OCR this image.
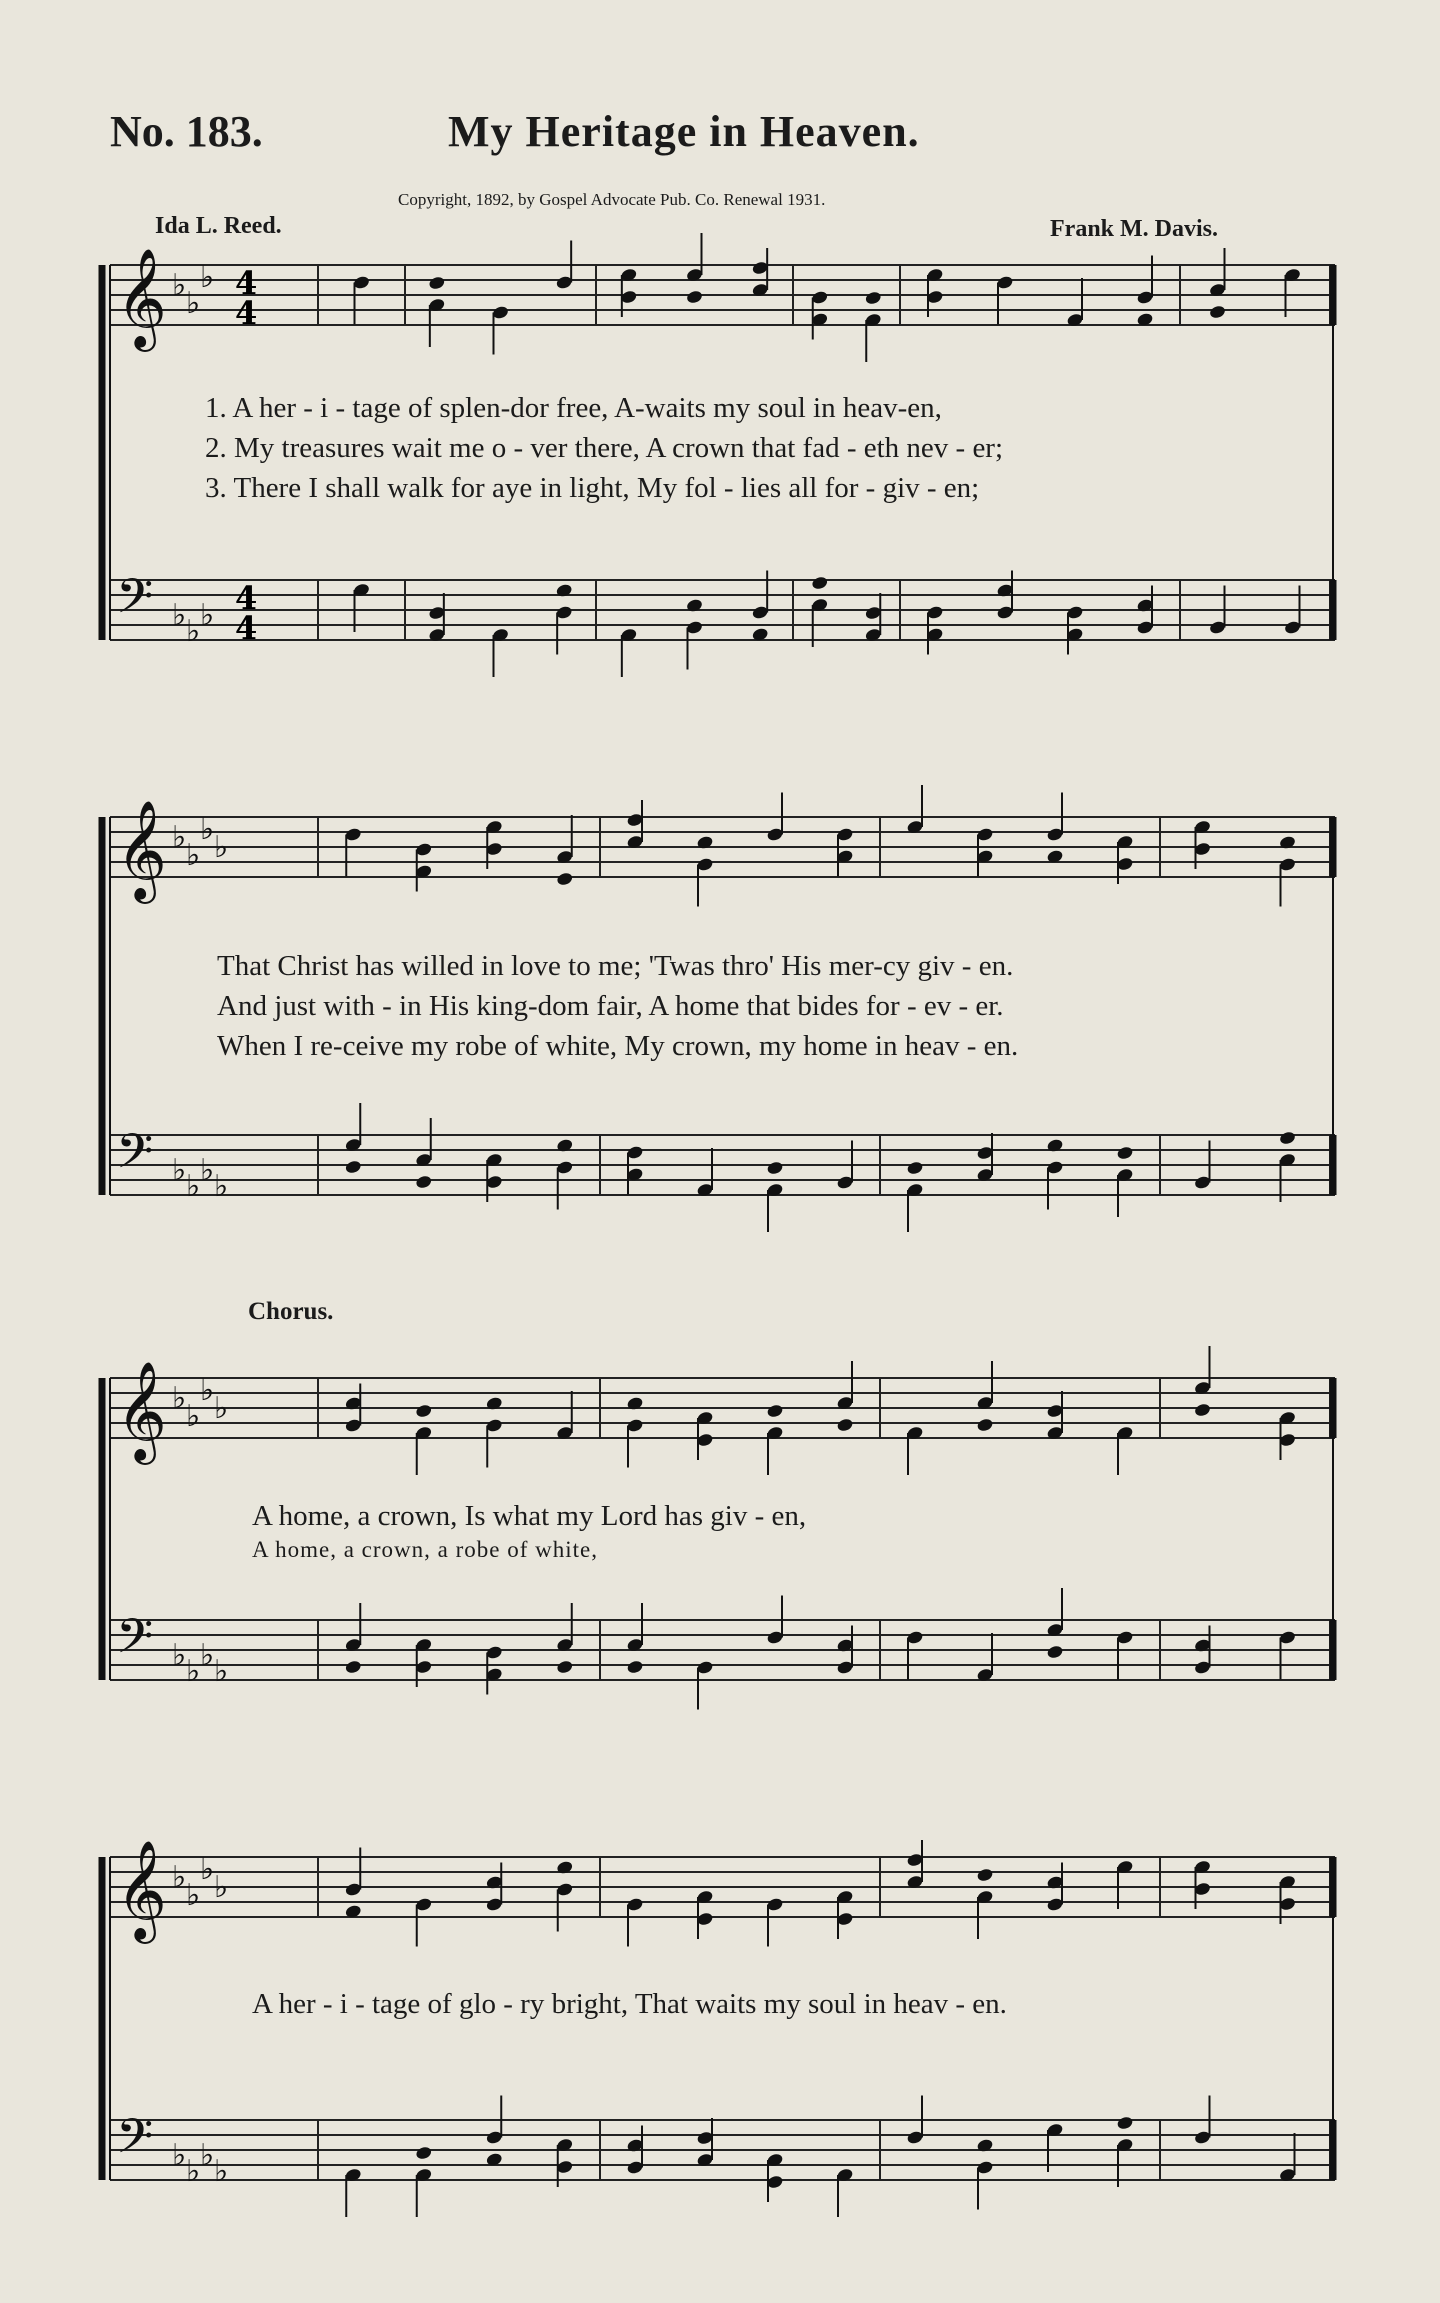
No. 183.	My Heritage in Heaven.
Copyright, 1892, by Gospel Advocate Pub. Co. Renewal 1931.
Ida L. Reed.	Frank M. Davis.
𝄞 ♭
♭
♭ 4
4
𝄢 ♭ ♭ ♭ 4
4
1. A her - i - tage of splen-dor free, A-waits my soul in heav-en,
2. My treasures wait me o - ver there, A crown that fad - eth nev - er;
3. There I shall walk for aye in light, My fol - lies all for - giv - en;
𝄞 ♭
♭
♭
♭
𝄢 ♭ ♭ ♭ ♭
That Christ has willed in love to me; 'Twas thro' His mer-cy giv - en.
And just with - in His king-dom fair, A home that bides for - ev - er.
When I re-ceive my robe of white, My crown, my home in heav - en.
Chorus.
𝄞 ♭
♭
♭
♭
𝄢 ♭ ♭ ♭ ♭
A home, a crown, Is what my Lord has giv - en,
A home, a crown, a robe of white,
𝄞 ♭
♭
♭
♭
𝄢 ♭ ♭ ♭ ♭
A her - i - tage of glo - ry bright, That waits my soul in heav - en.
